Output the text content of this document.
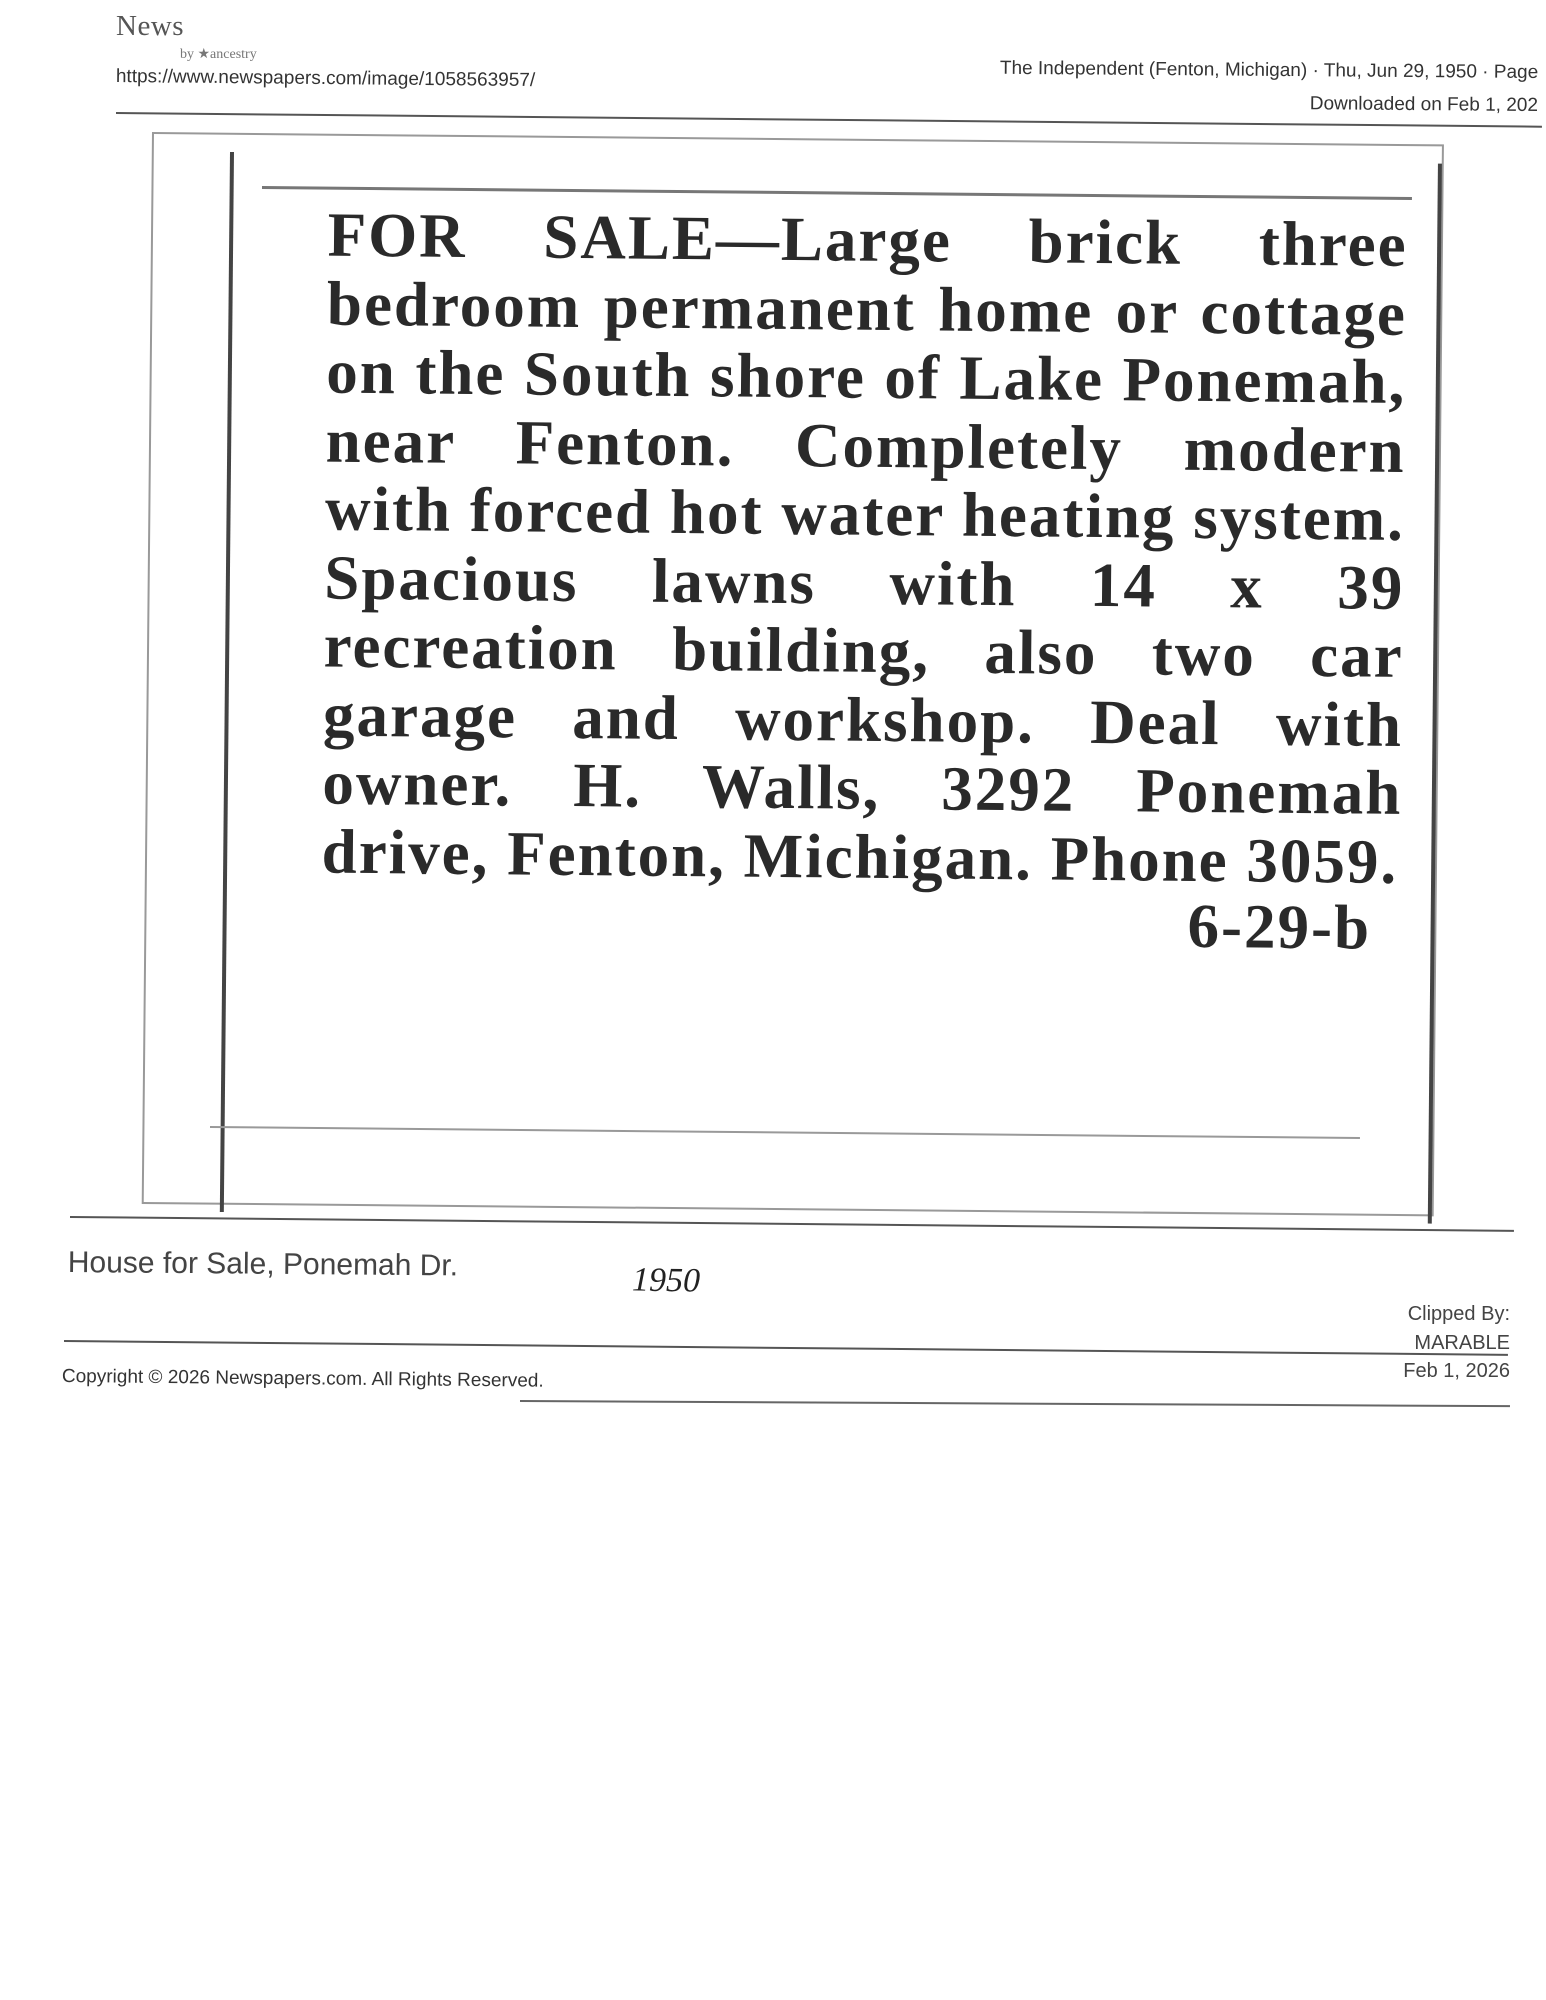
News
by ★ancestry
https://www.newspapers.com/image/1058563957/	The Independent (Fenton, Michigan) · Thu, Jun 29, 1950 · Page
Downloaded on Feb 1, 202
FOR SALE—Large brick three bedroom permanent home or cottage on the South shore of Lake Ponemah, near Fenton. Completely modern with forced hot water heating system. Spacious lawns with 14 x 39 recreation building, also two car garage and workshop. Deal with owner. H. Walls, 3292 Ponemah drive, Fenton, Michigan. Phone 3059.
6-29-b
House for Sale, Ponemah Dr.	1950
Clipped By:
MARABLE
Feb 1, 2026
Copyright © 2026 Newspapers.com. All Rights Reserved.
